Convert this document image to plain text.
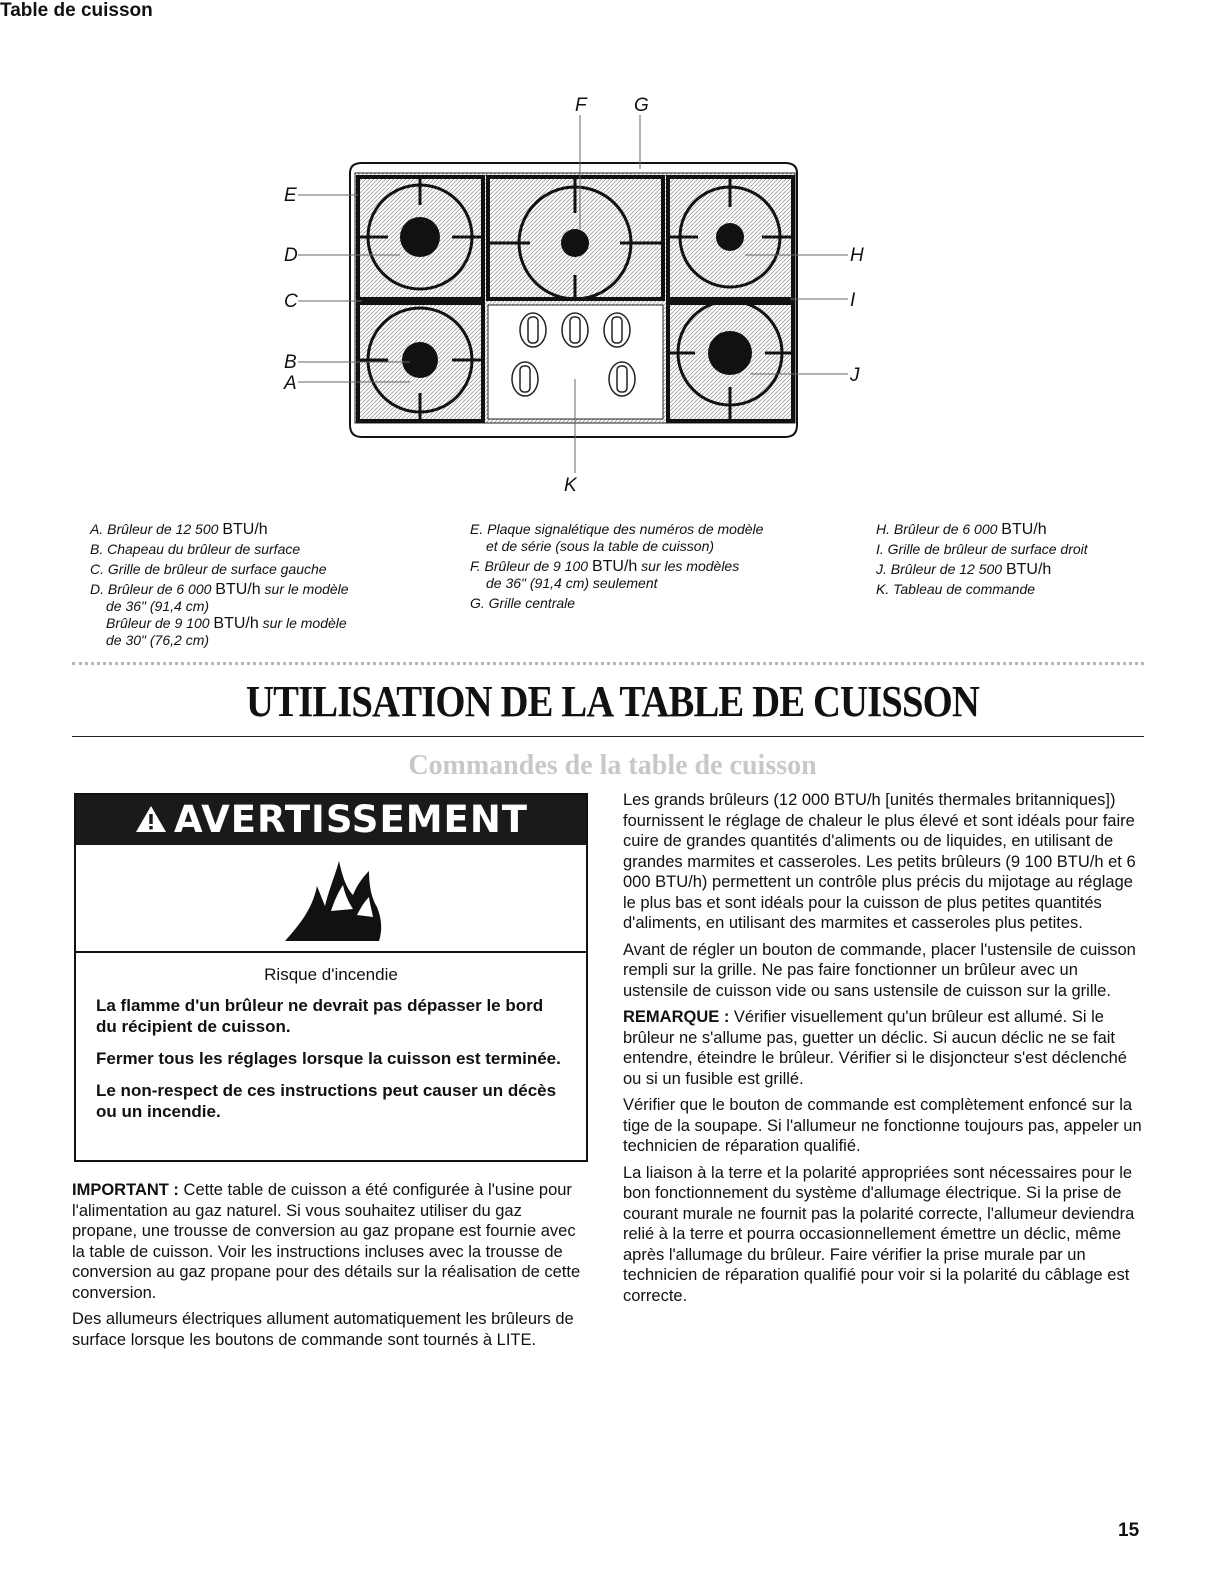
Table de cuisson
E
D
C
B
A
F G
H
I
J
K

A. Brûleur de 12 500 BTU/h

B. Chapeau du brûleur de surface

C. Grille de brûleur de surface gauche

D. Brûleur de 6 000 BTU/h sur le modèle

de 36" (91,4 cm)

Brûleur de 9 100 BTU/h sur le modèle

de 30" (76,2 cm)

E. Plaque signalétique des numéros de modèle

et de série (sous la table de cuisson)

F. Brûleur de 9 100 BTU/h sur les modèles

de 36" (91,4 cm) seulement

G. Grille centrale

H. Brûleur de 6 000 BTU/h

I. Grille de brûleur de surface droit

J. Brûleur de 12 500 BTU/h

K. Tableau de commande

UTILISATION DE LA TABLE DE CUISSON
Commandes de la table de cuisson
AVERTISSEMENT

Risque d'incendie

La flamme d'un brûleur ne devrait pas dépasser le bord du récipient de cuisson.

Fermer tous les réglages lorsque la cuisson est terminée.

Le non-respect de ces instructions peut causer un décès ou un incendie.

IMPORTANT : Cette table de cuisson a été configurée à l'usine pour l'alimentation au gaz naturel. Si vous souhaitez utiliser du gaz propane, une trousse de conversion au gaz propane est fournie avec la table de cuisson. Voir les instructions incluses avec la trousse de conversion au gaz propane pour des détails sur la réalisation de cette conversion.

Des allumeurs électriques allument automatiquement les brûleurs de surface lorsque les boutons de commande sont tournés à LITE.

Les grands brûleurs (12 000 BTU/h [unités thermales britanniques]) fournissent le réglage de chaleur le plus élevé et sont idéals pour faire cuire de grandes quantités d'aliments ou de liquides, en utilisant de grandes marmites et casseroles. Les petits brûleurs (9 100 BTU/h et 6 000 BTU/h) permettent un contrôle plus précis du mijotage au réglage le plus bas et sont idéals pour la cuisson de plus petites quantités d'aliments, en utilisant des marmites et casseroles plus petites.

Avant de régler un bouton de commande, placer l'ustensile de cuisson rempli sur la grille. Ne pas faire fonctionner un brûleur avec un ustensile de cuisson vide ou sans ustensile de cuisson sur la grille.

REMARQUE : Vérifier visuellement qu'un brûleur est allumé. Si le brûleur ne s'allume pas, guetter un déclic. Si aucun déclic ne se fait entendre, éteindre le brûleur. Vérifier si le disjoncteur s'est déclenché ou si un fusible est grillé.

Vérifier que le bouton de commande est complètement enfoncé sur la tige de la soupape. Si l'allumeur ne fonctionne toujours pas, appeler un technicien de réparation qualifié.

La liaison à la terre et la polarité appropriées sont nécessaires pour le bon fonctionnement du système d'allumage électrique. Si la prise de courant murale ne fournit pas la polarité correcte, l'allumeur deviendra relié à la terre et pourra occasionnellement émettre un déclic, même après l'allumage du brûleur. Faire vérifier la prise murale par un technicien de réparation qualifié pour voir si la polarité du câblage est correcte.

15
